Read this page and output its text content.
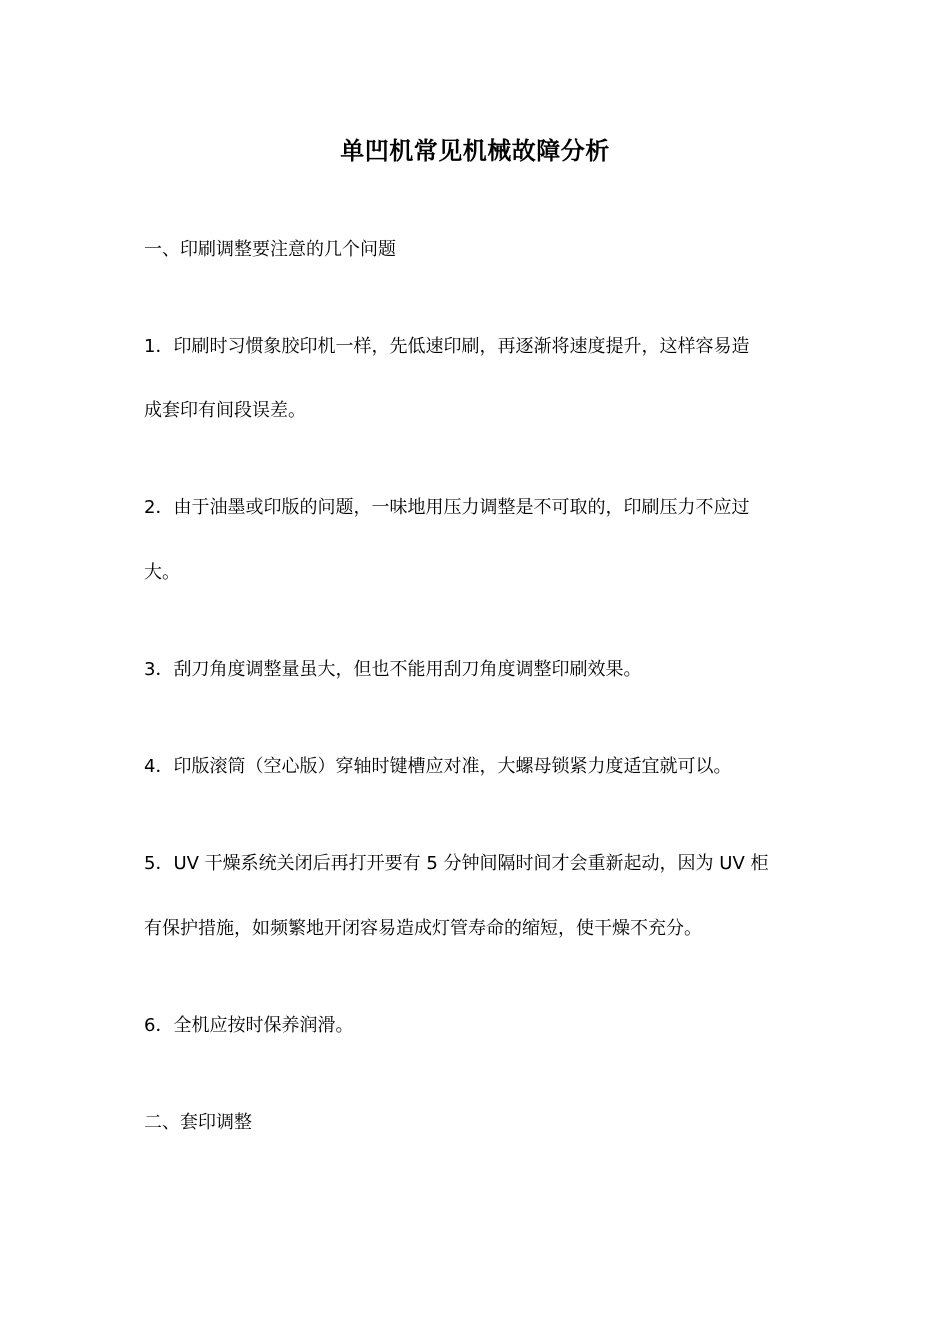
单凹机常见机械故障分析
一、印刷调整要注意的几个问题
1．印刷时习惯象胶印机一样，先低速印刷，再逐渐将速度提升，这样容易造
成套印有间段误差。
2．由于油墨或印版的问题，一味地用压力调整是不可取的，印刷压力不应过
大。
3．刮刀角度调整量虽大，但也不能用刮刀角度调整印刷效果。
4．印版滚筒（空心版）穿轴时键槽应对准，大螺母锁紧力度适宜就可以。
5．UV 干燥系统关闭后再打开要有 5 分钟间隔时间才会重新起动，因为 UV 柜
有保护措施，如频繁地开闭容易造成灯管寿命的缩短，使干燥不充分。
6．全机应按时保养润滑。
二、套印调整
